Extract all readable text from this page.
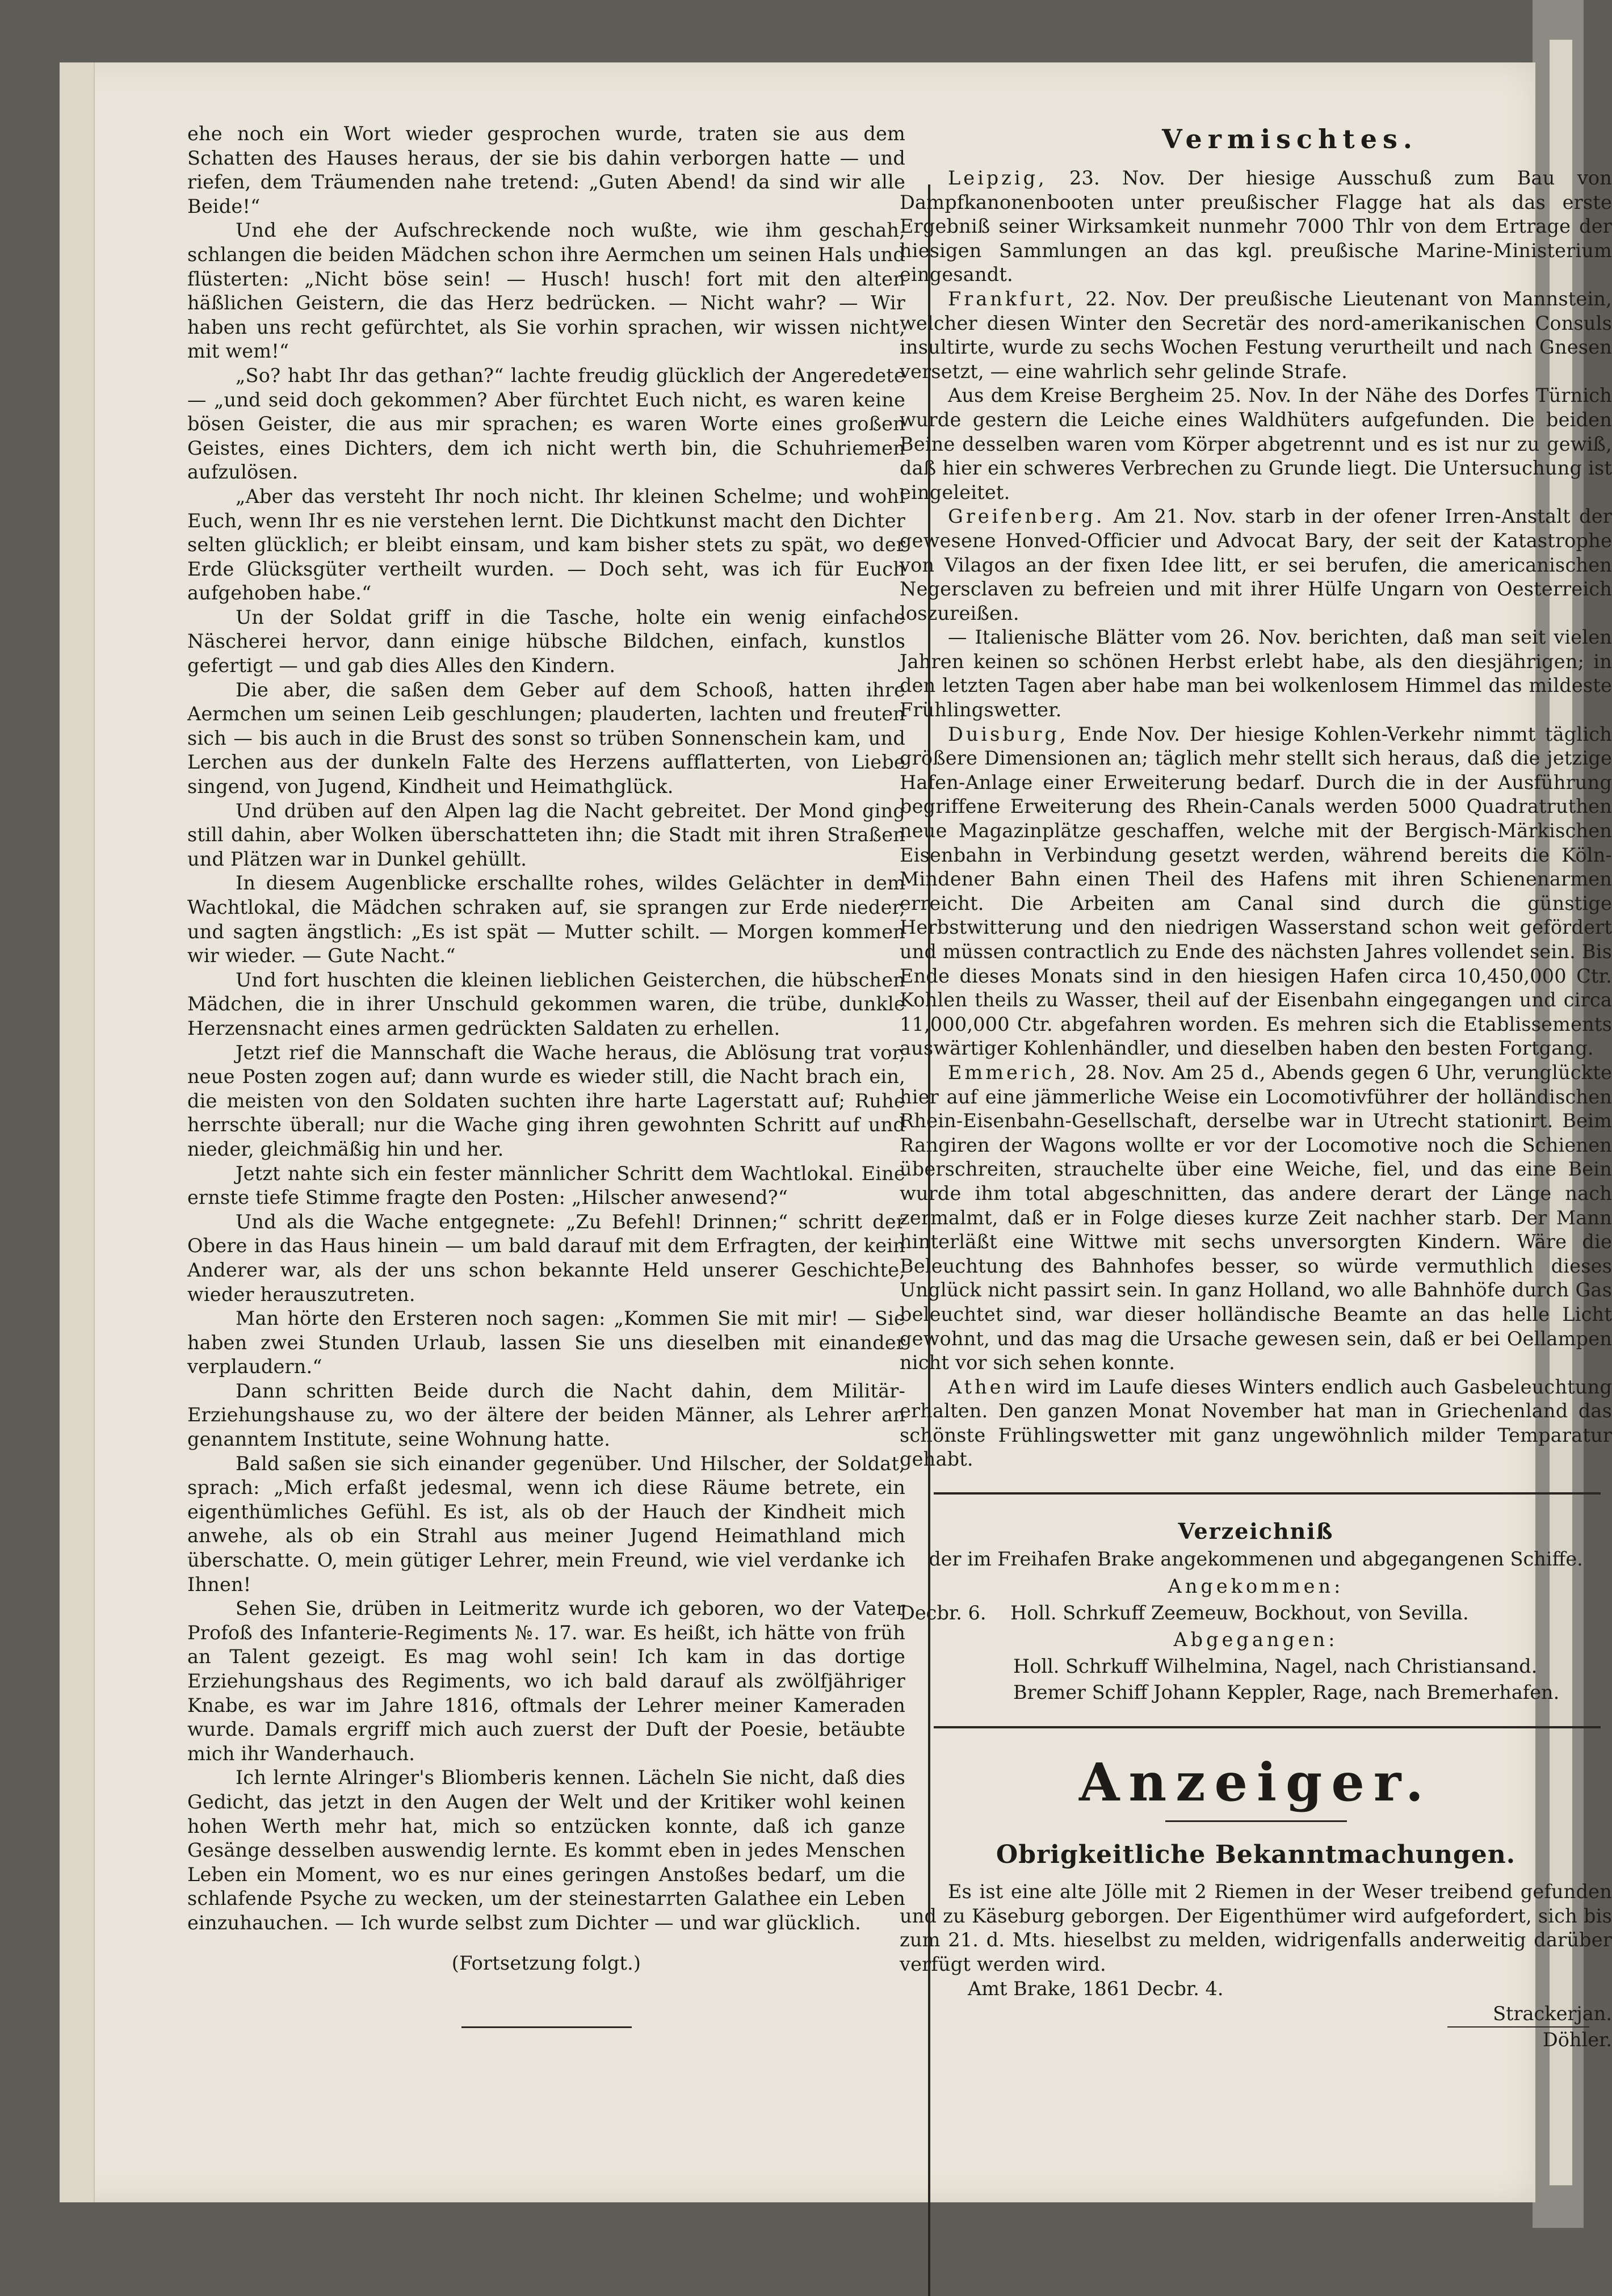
ehe noch ein Wort wieder gesprochen wurde, traten sie aus dem Schatten des Hauses heraus, der sie bis dahin verborgen hatte — und riefen, dem Träumenden nahe tretend: „Guten Abend! da sind wir alle Beide!“

Und ehe der Aufschreckende noch wußte, wie ihm geschah, schlangen die beiden Mädchen schon ihre Aermchen um seinen Hals und flüsterten: „Nicht böse sein! — Husch! husch! fort mit den alten häßlichen Geistern, die das Herz bedrücken. — Nicht wahr? — Wir haben uns recht gefürchtet, als Sie vorhin sprachen, wir wissen nicht, mit wem!“

„So? habt Ihr das gethan?“ lachte freudig glücklich der Angeredete — „und seid doch gekommen? Aber fürchtet Euch nicht, es waren keine bösen Geister, die aus mir sprachen; es waren Worte eines großen Geistes, eines Dichters, dem ich nicht werth bin, die Schuhriemen aufzulösen.

„Aber das versteht Ihr noch nicht. Ihr kleinen Schelme; und wohl Euch, wenn Ihr es nie verstehen lernt. Die Dichtkunst macht den Dichter selten glücklich; er bleibt einsam, und kam bisher stets zu spät, wo der Erde Glücksgüter vertheilt wurden. — Doch seht, was ich für Euch aufgehoben habe.“

Un der Soldat griff in die Tasche, holte ein wenig einfache Näscherei hervor, dann einige hübsche Bildchen, einfach, kunstlos gefertigt — und gab dies Alles den Kindern.

Die aber, die saßen dem Geber auf dem Schooß, hatten ihre Aermchen um seinen Leib geschlungen; plauderten, lachten und freuten sich — bis auch in die Brust des sonst so trüben Sonnenschein kam, und Lerchen aus der dunkeln Falte des Herzens aufflatterten, von Liebe singend, von Jugend, Kindheit und Heimathglück.

Und drüben auf den Alpen lag die Nacht gebreitet. Der Mond ging still dahin, aber Wolken überschatteten ihn; die Stadt mit ihren Straßen und Plätzen war in Dunkel gehüllt.

In diesem Augenblicke erschallte rohes, wildes Gelächter in dem Wachtlokal, die Mädchen schraken auf, sie sprangen zur Erde nieder, und sagten ängstlich: „Es ist spät — Mutter schilt. — Morgen kommen wir wieder. — Gute Nacht.“

Und fort huschten die kleinen lieblichen Geisterchen, die hübschen Mädchen, die in ihrer Unschuld gekommen waren, die trübe, dunkle Herzensnacht eines armen gedrückten Saldaten zu erhellen.

Jetzt rief die Mannschaft die Wache heraus, die Ablösung trat vor, neue Posten zogen auf; dann wurde es wieder still, die Nacht brach ein, die meisten von den Soldaten suchten ihre harte Lagerstatt auf; Ruhe herrschte überall; nur die Wache ging ihren gewohnten Schritt auf und nieder, gleichmäßig hin und her.

Jetzt nahte sich ein fester männlicher Schritt dem Wachtlokal. Eine ernste tiefe Stimme fragte den Posten: „Hilscher anwesend?“

Und als die Wache entgegnete: „Zu Befehl! Drinnen;“ schritt der Obere in das Haus hinein — um bald darauf mit dem Erfragten, der kein Anderer war, als der uns schon bekannte Held unserer Geschichte, wieder herauszutreten.

Man hörte den Ersteren noch sagen: „Kommen Sie mit mir! — Sie haben zwei Stunden Urlaub, lassen Sie uns dieselben mit einander verplaudern.“

Dann schritten Beide durch die Nacht dahin, dem Militär-Erziehungshause zu, wo der ältere der beiden Männer, als Lehrer an genanntem Institute, seine Wohnung hatte.

Bald saßen sie sich einander gegenüber. Und Hilscher, der Soldat, sprach: „Mich erfaßt jedesmal, wenn ich diese Räume betrete, ein eigenthümliches Gefühl. Es ist, als ob der Hauch der Kindheit mich anwehe, als ob ein Strahl aus meiner Jugend Heimathland mich überschatte. O, mein gütiger Lehrer, mein Freund, wie viel verdanke ich Ihnen!

Sehen Sie, drüben in Leitmeritz wurde ich geboren, wo der Vater Profoß des Infanterie-Regiments №. 17. war. Es heißt, ich hätte von früh an Talent gezeigt. Es mag wohl sein! Ich kam in das dortige Erziehungshaus des Regiments, wo ich bald darauf als zwölfjähriger Knabe, es war im Jahre 1816, oftmals der Lehrer meiner Kameraden wurde. Damals ergriff mich auch zuerst der Duft der Poesie, betäubte mich ihr Wanderhauch.

Ich lernte Alringer's Bliomberis kennen. Lächeln Sie nicht, daß dies Gedicht, das jetzt in den Augen der Welt und der Kritiker wohl keinen hohen Werth mehr hat, mich so entzücken konnte, daß ich ganze Gesänge desselben auswendig lernte. Es kommt eben in jedes Menschen Leben ein Moment, wo es nur eines geringen Anstoßes bedarf, um die schlafende Psyche zu wecken, um der steinestarrten Galathee ein Leben einzuhauchen. — Ich wurde selbst zum Dichter — und war glücklich.

(Fortsetzung folgt.)

Vermischtes.

Leipzig, 23. Nov. Der hiesige Ausschuß zum Bau von Dampfkanonenbooten unter preußischer Flagge hat als das erste Ergebniß seiner Wirksamkeit nunmehr 7000 Thlr von dem Ertrage der hiesigen Sammlungen an das kgl. preußische Marine-Ministerium eingesandt.

Frankfurt, 22. Nov. Der preußische Lieutenant von Mannstein, welcher diesen Winter den Secretär des nord-amerikanischen Consuls insultirte, wurde zu sechs Wochen Festung verurtheilt und nach Gnesen versetzt, — eine wahrlich sehr gelinde Strafe.

Aus dem Kreise Bergheim 25. Nov. In der Nähe des Dorfes Türnich wurde gestern die Leiche eines Waldhüters aufgefunden. Die beiden Beine desselben waren vom Körper abgetrennt und es ist nur zu gewiß, daß hier ein schweres Verbrechen zu Grunde liegt. Die Untersuchung ist eingeleitet.

Greifenberg. Am 21. Nov. starb in der ofener Irren-Anstalt der gewesene Honved-Officier und Advocat Bary, der seit der Katastrophe von Vilagos an der fixen Idee litt, er sei berufen, die americanischen Negersclaven zu befreien und mit ihrer Hülfe Ungarn von Oesterreich loszureißen.

— Italienische Blätter vom 26. Nov. berichten, daß man seit vielen Jahren keinen so schönen Herbst erlebt habe, als den diesjährigen; in den letzten Tagen aber habe man bei wolkenlosem Himmel das mildeste Frühlingswetter.

Duisburg, Ende Nov. Der hiesige Kohlen-Verkehr nimmt täglich größere Dimensionen an; täglich mehr stellt sich heraus, daß die jetzige Hafen-Anlage einer Erweiterung bedarf. Durch die in der Ausführung begriffene Erweiterung des Rhein-Canals werden 5000 Quadratruthen neue Magazinplätze geschaffen, welche mit der Bergisch-Märkischen Eisenbahn in Verbindung gesetzt werden, während bereits die Köln-Mindener Bahn einen Theil des Hafens mit ihren Schienenarmen erreicht. Die Arbeiten am Canal sind durch die günstige Herbstwitterung und den niedrigen Wasserstand schon weit gefördert und müssen contractlich zu Ende des nächsten Jahres vollendet sein. Bis Ende dieses Monats sind in den hiesigen Hafen circa 10,450,000 Ctr. Kohlen theils zu Wasser, theil auf der Eisenbahn eingegangen und circa 11,000,000 Ctr. abgefahren worden. Es mehren sich die Etablissements auswärtiger Kohlenhändler, und dieselben haben den besten Fortgang.

Emmerich, 28. Nov. Am 25 d., Abends gegen 6 Uhr, verunglückte hier auf eine jämmerliche Weise ein Locomotivführer der holländischen Rhein-Eisenbahn-Gesellschaft, derselbe war in Utrecht stationirt. Beim Rangiren der Wagons wollte er vor der Locomotive noch die Schienen überschreiten, strauchelte über eine Weiche, fiel, und das eine Bein wurde ihm total abgeschnitten, das andere derart der Länge nach zermalmt, daß er in Folge dieses kurze Zeit nachher starb. Der Mann hinterläßt eine Wittwe mit sechs unversorgten Kindern. Wäre die Beleuchtung des Bahnhofes besser, so würde vermuthlich dieses Unglück nicht passirt sein. In ganz Holland, wo alle Bahnhöfe durch Gas beleuchtet sind, war dieser holländische Beamte an das helle Licht gewohnt, und das mag die Ursache gewesen sein, daß er bei Oellampen nicht vor sich sehen konnte.

Athen wird im Laufe dieses Winters endlich auch Gasbeleuchtung erhalten. Den ganzen Monat November hat man in Griechenland das schönste Frühlingswetter mit ganz ungewöhnlich milder Temparatur gehabt.

Verzeichniß
der im Freihafen Brake angekommenen und abgegangenen Schiffe.
Angekommen:
Decbr. 6. Holl. Schrkuff Zeemeuw, Bockhout, von Sevilla.
Abgegangen:
Holl. Schrkuff Wilhelmina, Nagel, nach Christiansand.
Bremer Schiff Johann Keppler, Rage, nach Bremerhafen.
Anzeiger.
Obrigkeitliche Bekanntmachungen.

Es ist eine alte Jölle mit 2 Riemen in der Weser treibend gefunden und zu Käseburg geborgen. Der Eigenthümer wird aufgefordert, sich bis zum 21. d. Mts. hieselbst zu melden, widrigenfalls anderweitig darüber verfügt werden wird.

Amt Brake, 1861 Decbr. 4.
Strackerjan.
Döhler.
